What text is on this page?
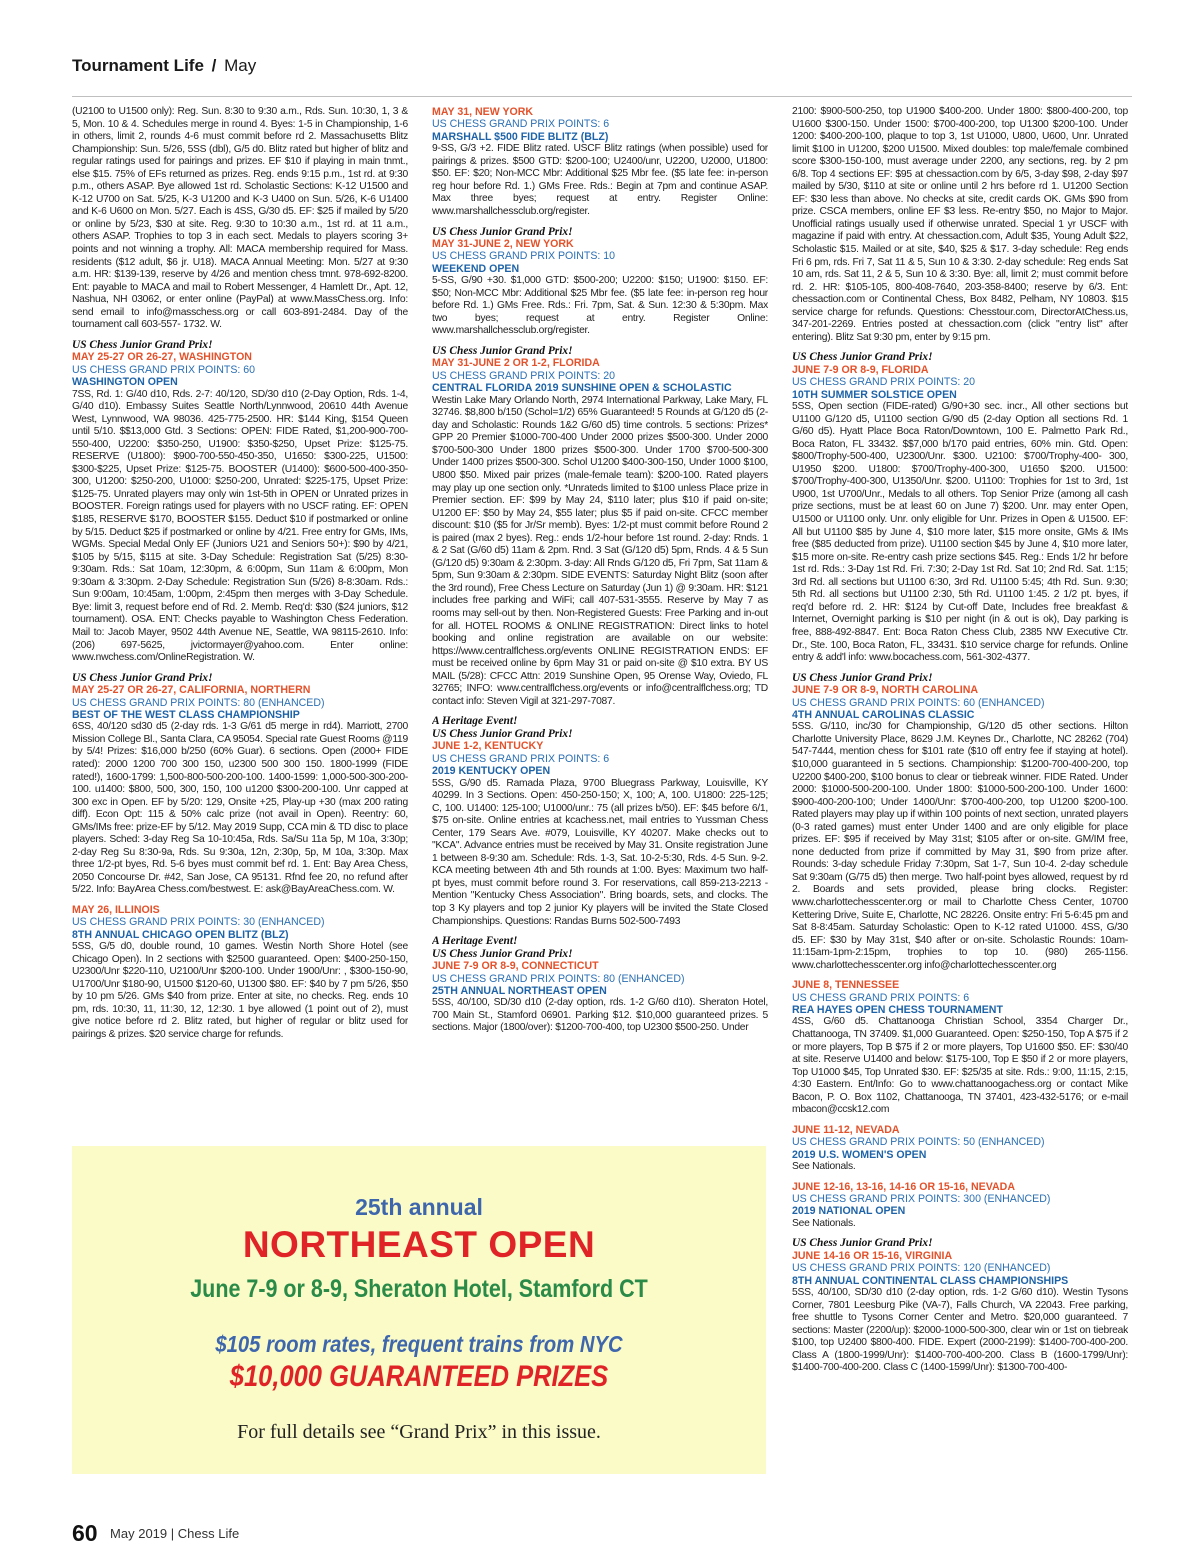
Tournament Life / May
(U2100 to U1500 only): Reg. Sun. 8:30 to 9:30 a.m., Rds. Sun. 10:30, 1, 3 & 5, Mon. 10 & 4. Schedules merge in round 4. Byes: 1-5 in Championship, 1-6 in others, limit 2, rounds 4-6 must commit before rd 2. Massachusetts Blitz Championship: Sun. 5/26, 5SS (dbl), G/5 d0. Blitz rated but higher of blitz and regular ratings used for pairings and prizes. EF $10 if playing in main tnmt., else $15. 75% of EFs returned as prizes. Reg. ends 9:15 p.m., 1st rd. at 9:30 p.m., others ASAP. Bye allowed 1st rd. Scholastic Sections: K-12 U1500 and K-12 U700 on Sat. 5/25, K-3 U1200 and K-3 U400 on Sun. 5/26, K-6 U1400 and K-6 U600 on Mon. 5/27. Each is 4SS, G/30 d5. EF: $25 if mailed by 5/20 or online by 5/23, $30 at site. Reg. 9:30 to 10:30 a.m., 1st rd. at 11 a.m., others ASAP. Trophies to top 3 in each sect. Medals to players scoring 3+ points and not winning a trophy. All: MACA membership required for Mass. residents ($12 adult, $6 jr. U18). MACA Annual Meeting: Mon. 5/27 at 9:30 a.m. HR: $139-139, reserve by 4/26 and mention chess tmnt. 978-692-8200. Ent: payable to MACA and mail to Robert Messenger, 4 Hamlett Dr., Apt. 12, Nashua, NH 03062, or enter online (PayPal) at www.MassChess.org. Info: send email to info@masschess.org or call 603-891-2484. Day of the tournament call 603-557- 1732. W.
US Chess Junior Grand Prix!
MAY 25-27 OR 26-27, WASHINGTON
US CHESS GRAND PRIX POINTS: 60
WASHINGTON OPEN
7SS, Rd. 1: G/40 d10, Rds. 2-7: 40/120, SD/30 d10 (2-Day Option, Rds. 1-4, G/40 d10). Embassy Suites Seattle North/Lynnwood, 20610 44th Avenue West, Lynnwood, WA 98036. 425-775-2500. HR: $144 King, $154 Queen until 5/10. $$13,000 Gtd. 3 Sections: OPEN: FIDE Rated, $1,200-900-700-550-400, U2200: $350-250, U1900: $350-$250, Upset Prize: $125-75. RESERVE (U1800): $900-700-550-450-350, U1650: $300-225, U1500: $300-$225, Upset Prize: $125-75. BOOSTER (U1400): $600-500-400-350-300, U1200: $250-200, U1000: $250-200, Unrated: $225-175, Upset Prize: $125-75. Unrated players may only win 1st-5th in OPEN or Unrated prizes in BOOSTER. Foreign ratings used for players with no USCF rating. EF: OPEN $185, RESERVE $170, BOOSTER $155. Deduct $10 if postmarked or online by 5/15. Deduct $25 if postmarked or online by 4/21. Free entry for GMs, IMs, WGMs. Special Medal Only EF (Juniors U21 and Seniors 50+): $90 by 4/21, $105 by 5/15, $115 at site. 3-Day Schedule: Registration Sat (5/25) 8:30-9:30am. Rds.: Sat 10am, 12:30pm, & 6:00pm, Sun 11am & 6:00pm, Mon 9:30am & 3:30pm. 2-Day Schedule: Registration Sun (5/26) 8-8:30am. Rds.: Sun 9:00am, 10:45am, 1:00pm, 2:45pm then merges with 3-Day Schedule. Bye: limit 3, request before end of Rd. 2. Memb. Req'd: $30 ($24 juniors, $12 tournament). OSA. ENT: Checks payable to Washington Chess Federation. Mail to: Jacob Mayer, 9502 44th Avenue NE, Seattle, WA 98115-2610. Info: (206) 697-5625, jvictormayer@yahoo.com. Enter online: www.nwchess.com/OnlineRegistration. W.
US Chess Junior Grand Prix!
MAY 25-27 OR 26-27, CALIFORNIA, NORTHERN
US CHESS GRAND PRIX POINTS: 80 (ENHANCED)
BEST OF THE WEST CLASS CHAMPIONSHIP
6SS, 40/120 sd30 d5 (2-day rds. 1-3 G/61 d5 merge in rd4). Marriott, 2700 Mission College Bl., Santa Clara, CA 95054. Special rate Guest Rooms @119 by 5/4! Prizes: $16,000 b/250 (60% Guar). 6 sections. Open (2000+ FIDE rated): 2000 1200 700 300 150, u2300 500 300 150. 1800-1999 (FIDE rated!), 1600-1799: 1,500-800-500-200-100. 1400-1599: 1,000-500-300-200-100. u1400: $800, 500, 300, 150, 100 u1200 $300-200-100. Unr capped at 300 exc in Open. EF by 5/20: 129, Onsite +25, Play-up +30 (max 200 rating diff). Econ Opt: 115 & 50% calc prize (not avail in Open). Reentry: 60, GMs/IMs free: prize-EF by 5/12. May 2019 Supp, CCA min & TD disc to place players. Sched: 3-day Reg Sa 10-10:45a, Rds. Sa/Su 11a 5p, M 10a, 3:30p; 2-day Reg Su 8:30-9a, Rds. Su 9:30a, 12n, 2:30p, 5p, M 10a, 3:30p. Max three 1/2-pt byes, Rd. 5-6 byes must commit bef rd. 1. Ent: Bay Area Chess, 2050 Concourse Dr. #42, San Jose, CA 95131. Rfnd fee 20, no refund after 5/22. Info: BayArea Chess.com/bestwest. E: ask@BayAreaChess.com. W.
MAY 26, ILLINOIS
US CHESS GRAND PRIX POINTS: 30 (ENHANCED)
8TH ANNUAL CHICAGO OPEN BLITZ (BLZ)
5SS, G/5 d0, double round, 10 games. Westin North Shore Hotel (see Chicago Open). In 2 sections with $2500 guaranteed. Open: $400-250-150, U2300/Unr $220-110, U2100/Unr $200-100. Under 1900/Unr: , $300-150-90, U1700/Unr $180-90, U1500 $120-60, U1300 $80. EF: $40 by 7 pm 5/26, $50 by 10 pm 5/26. GMs $40 from prize. Enter at site, no checks. Reg. ends 10 pm, rds. 10:30, 11, 11:30, 12, 12:30. 1 bye allowed (1 point out of 2), must give notice before rd 2. Blitz rated, but higher of regular or blitz used for pairings & prizes. $20 service charge for refunds.
MAY 31, NEW YORK
US CHESS GRAND PRIX POINTS: 6
MARSHALL $500 FIDE BLITZ (BLZ)
9-SS, G/3 +2. FIDE Blitz rated. USCF Blitz ratings (when possible) used for pairings & prizes. $500 GTD: $200-100; U2400/unr, U2200, U2000, U1800: $50. EF: $20; Non-MCC Mbr: Additional $25 Mbr fee. ($5 late fee: in-person reg hour before Rd. 1.) GMs Free. Rds.: Begin at 7pm and continue ASAP. Max three byes; request at entry. Register Online: www.marshallchessclub.org/register.
US Chess Junior Grand Prix!
MAY 31-JUNE 2, NEW YORK
US CHESS GRAND PRIX POINTS: 10
WEEKEND OPEN
5-SS, G/90 +30. $1,000 GTD: $500-200; U2200: $150; U1900: $150. EF: $50; Non-MCC Mbr: Additional $25 Mbr fee. ($5 late fee: in-person reg hour before Rd. 1.) GMs Free. Rds.: Fri. 7pm, Sat. & Sun. 12:30 & 5:30pm. Max two byes; request at entry. Register Online: www.marshallchessclub.org/register.
US Chess Junior Grand Prix!
MAY 31-JUNE 2 OR 1-2, FLORIDA
US CHESS GRAND PRIX POINTS: 20
CENTRAL FLORIDA 2019 SUNSHINE OPEN & SCHOLASTIC
Westin Lake Mary Orlando North, 2974 International Parkway, Lake Mary, FL 32746. $8,800 b/150 (Schol=1/2) 65% Guaranteed! 5 Rounds at G/120 d5 (2-day and Scholastic: Rounds 1&2 G/60 d5) time controls. 5 sections: Prizes* GPP 20 Premier $1000-700-400 Under 2000 prizes $500-300. Under 2000 $700-500-300 Under 1800 prizes $500-300. Under 1700 $700-500-300 Under 1400 prizes $500-300. Schol U1200 $400-300-150, Under 1000 $100, U800 $50. Mixed pair prizes (male-female team): $200-100. Rated players may play up one section only. *Unrateds limited to $100 unless Place prize in Premier section. EF: $99 by May 24, $110 later; plus $10 if paid on-site; U1200 EF: $50 by May 24, $55 later; plus $5 if paid on-site. CFCC member discount: $10 ($5 for Jr/Sr memb). Byes: 1/2-pt must commit before Round 2 is paired (max 2 byes). Reg.: ends 1/2-hour before 1st round. 2-day: Rnds. 1 & 2 Sat (G/60 d5) 11am & 2pm. Rnd. 3 Sat (G/120 d5) 5pm, Rnds. 4 & 5 Sun (G/120 d5) 9:30am & 2:30pm. 3-day: All Rnds G/120 d5, Fri 7pm, Sat 11am & 5pm, Sun 9:30am & 2:30pm. SIDE EVENTS: Saturday Night Blitz (soon after the 3rd round), Free Chess Lecture on Saturday (Jun 1) @ 9:30am. HR: $121 includes free parking and WiFi; call 407-531-3555. Reserve by May 7 as rooms may sell-out by then. Non-Registered Guests: Free Parking and in-out for all. HOTEL ROOMS & ONLINE REGISTRATION: Direct links to hotel booking and online registration are available on our website: https://www.centralflchess.org/events ONLINE REGISTRATION ENDS: EF must be received online by 6pm May 31 or paid on-site @ $10 extra. BY US MAIL (5/28): CFCC Attn: 2019 Sunshine Open, 95 Orense Way, Oviedo, FL 32765; INFO: www.centralflchess.org/events or info@centralflchess.org; TD contact info: Steven Vigil at 321-297-7087.
A Heritage Event!
US Chess Junior Grand Prix!
JUNE 1-2, KENTUCKY
US CHESS GRAND PRIX POINTS: 6
2019 KENTUCKY OPEN
5SS, G/90 d5. Ramada Plaza, 9700 Bluegrass Parkway, Louisville, KY 40299. In 3 Sections. Open: 450-250-150; X, 100; A, 100. U1800: 225-125; C, 100. U1400: 125-100; U1000/unr.: 75 (all prizes b/50). EF: $45 before 6/1, $75 on-site. Online entries at kcachess.net, mail entries to Yussman Chess Center, 179 Sears Ave. #079, Louisville, KY 40207. Make checks out to "KCA". Advance entries must be received by May 31. Onsite registration June 1 between 8-9:30 am. Schedule: Rds. 1-3, Sat. 10-2-5:30, Rds. 4-5 Sun. 9-2. KCA meeting between 4th and 5th rounds at 1:00. Byes: Maximum two half-pt byes, must commit before round 3. For reservations, call 859-213-2213 - Mention "Kentucky Chess Association". Bring boards, sets, and clocks. The top 3 Ky players and top 2 junior Ky players will be invited the State Closed Championships. Questions: Randas Burns 502-500-7493
A Heritage Event!
US Chess Junior Grand Prix!
JUNE 7-9 OR 8-9, CONNECTICUT
US CHESS GRAND PRIX POINTS: 80 (ENHANCED)
25TH ANNUAL NORTHEAST OPEN
5SS, 40/100, SD/30 d10 (2-day option, rds. 1-2 G/60 d10). Sheraton Hotel, 700 Main St., Stamford 06901. Parking $12. $10,000 guaranteed prizes. 5 sections. Major (1800/over): $1200-700-400, top U2300 $500-250. Under
2100: $900-500-250, top U1900 $400-200. Under 1800: $800-400-200, top U1600 $300-150. Under 1500: $700-400-200, top U1300 $200-100. Under 1200: $400-200-100, plaque to top 3, 1st U1000, U800, U600, Unr. Unrated limit $100 in U1200, $200 U1500. Mixed doubles: top male/female combined score $300-150-100, must average under 2200, any sections, reg. by 2 pm 6/8. Top 4 sections EF: $95 at chessaction.com by 6/5, 3-day $98, 2-day $97 mailed by 5/30, $110 at site or online until 2 hrs before rd 1. U1200 Section EF: $30 less than above. No checks at site, credit cards OK. GMs $90 from prize. CSCA members, online EF $3 less. Re-entry $50, no Major to Major. Unofficial ratings usually used if otherwise unrated. Special 1 yr USCF with magazine if paid with entry. At chessaction.com, Adult $35, Young Adult $22, Scholastic $15. Mailed or at site, $40, $25 & $17. 3-day schedule: Reg ends Fri 6 pm, rds. Fri 7, Sat 11 & 5, Sun 10 & 3:30. 2-day schedule: Reg ends Sat 10 am, rds. Sat 11, 2 & 5, Sun 10 & 3:30. Bye: all, limit 2; must commit before rd. 2. HR: $105-105, 800-408-7640, 203-358-8400; reserve by 6/3. Ent: chessaction.com or Continental Chess, Box 8482, Pelham, NY 10803. $15 service charge for refunds. Questions: Chesstour.com, DirectorAtChess.us, 347-201-2269. Entries posted at chessaction.com (click "entry list" after entering). Blitz Sat 9:30 pm, enter by 9:15 pm.
US Chess Junior Grand Prix!
JUNE 7-9 OR 8-9, FLORIDA
US CHESS GRAND PRIX POINTS: 20
10TH SUMMER SOLSTICE OPEN
5SS, Open section (FIDE-rated) G/90+30 sec. incr., All other sections but U1100 G/120 d5, U1100 section G/90 d5 (2-day Option all sections Rd. 1 G/60 d5). Hyatt Place Boca Raton/Downtown, 100 E. Palmetto Park Rd., Boca Raton, FL 33432. $$7,000 b/170 paid entries, 60% min. Gtd. Open: $800/Trophy-500-400, U2300/Unr. $300. U2100: $700/Trophy-400- 300, U1950 $200. U1800: $700/Trophy-400-300, U1650 $200. U1500: $700/Trophy-400-300, U1350/Unr. $200. U1100: Trophies for 1st to 3rd, 1st U900, 1st U700/Unr., Medals to all others. Top Senior Prize (among all cash prize sections, must be at least 60 on June 7) $200. Unr. may enter Open, U1500 or U1100 only. Unr. only eligible for Unr. Prizes in Open & U1500. EF: All but U1100 $85 by June 4, $10 more later, $15 more onsite, GMs & IMs free ($85 deducted from prize). U1100 section $45 by June 4, $10 more later, $15 more on-site. Re-entry cash prize sections $45. Reg.: Ends 1/2 hr before 1st rd. Rds.: 3-Day 1st Rd. Fri. 7:30; 2-Day 1st Rd. Sat 10; 2nd Rd. Sat. 1:15; 3rd Rd. all sections but U1100 6:30, 3rd Rd. U1100 5:45; 4th Rd. Sun. 9:30; 5th Rd. all sections but U1100 2:30, 5th Rd. U1100 1:45. 2 1/2 pt. byes, if req'd before rd. 2. HR: $124 by Cut-off Date, Includes free breakfast & Internet, Overnight parking is $10 per night (in & out is ok), Day parking is free, 888-492-8847. Ent: Boca Raton Chess Club, 2385 NW Executive Ctr. Dr., Ste. 100, Boca Raton, FL, 33431. $10 service charge for refunds. Online entry & add'l info: www.bocachess.com, 561-302-4377.
US Chess Junior Grand Prix!
JUNE 7-9 OR 8-9, NORTH CAROLINA
US CHESS GRAND PRIX POINTS: 60 (ENHANCED)
4TH ANNUAL CAROLINAS CLASSIC
5SS. G/110, inc/30 for Championship, G/120 d5 other sections. Hilton Charlotte University Place, 8629 J.M. Keynes Dr., Charlotte, NC 28262 (704) 547-7444, mention chess for $101 rate ($10 off entry fee if staying at hotel). $10,000 guaranteed in 5 sections. Championship: $1200-700-400-200, top U2200 $400-200, $100 bonus to clear or tiebreak winner. FIDE Rated. Under 2000: $1000-500-200-100. Under 1800: $1000-500-200-100. Under 1600: $900-400-200-100; Under 1400/Unr: $700-400-200, top U1200 $200-100. Rated players may play up if within 100 points of next section, unrated players (0-3 rated games) must enter Under 1400 and are only eligible for place prizes. EF: $95 if received by May 31st; $105 after or on-site. GM/IM free, none deducted from prize if committed by May 31, $90 from prize after. Rounds: 3-day schedule Friday 7:30pm, Sat 1-7, Sun 10-4. 2-day schedule Sat 9:30am (G/75 d5) then merge. Two half-point byes allowed, request by rd 2. Boards and sets provided, please bring clocks. Register: www.charlottechesscenter.org or mail to Charlotte Chess Center, 10700 Kettering Drive, Suite E, Charlotte, NC 28226. Onsite entry: Fri 5-6:45 pm and Sat 8-8:45am. Saturday Scholastic: Open to K-12 rated U1000. 4SS, G/30 d5. EF: $30 by May 31st, $40 after or on-site. Scholastic Rounds: 10am-11:15am-1pm-2:15pm, trophies to top 10. (980) 265-1156. www.charlottechesscenter.org info@charlottechesscenter.org
JUNE 8, TENNESSEE
US CHESS GRAND PRIX POINTS: 6
REA HAYES OPEN CHESS TOURNAMENT
4SS, G/60 d5. Chattanooga Christian School, 3354 Charger Dr., Chattanooga, TN 37409. $1,000 Guaranteed. Open: $250-150, Top A $75 if 2 or more players, Top B $75 if 2 or more players, Top U1600 $50. EF: $30/40 at site. Reserve U1400 and below: $175-100, Top E $50 if 2 or more players, Top U1000 $45, Top Unrated $30. EF: $25/35 at site. Rds.: 9:00, 11:15, 2:15, 4:30 Eastern. Ent/Info: Go to www.chattanoogachess.org or contact Mike Bacon, P. O. Box 1102, Chattanooga, TN 37401, 423-432-5176; or e-mail mbacon@ccsk12.com
JUNE 11-12, NEVADA
US CHESS GRAND PRIX POINTS: 50 (ENHANCED)
2019 U.S. WOMEN'S OPEN
See Nationals.
JUNE 12-16, 13-16, 14-16 OR 15-16, NEVADA
US CHESS GRAND PRIX POINTS: 300 (ENHANCED)
2019 NATIONAL OPEN
See Nationals.
US Chess Junior Grand Prix!
JUNE 14-16 OR 15-16, VIRGINIA
US CHESS GRAND PRIX POINTS: 120 (ENHANCED)
8TH ANNUAL CONTINENTAL CLASS CHAMPIONSHIPS
5SS, 40/100, SD/30 d10 (2-day option, rds. 1-2 G/60 d10). Westin Tysons Corner, 7801 Leesburg Pike (VA-7), Falls Church, VA 22043. Free parking, free shuttle to Tysons Corner Center and Metro. $20,000 guaranteed. 7 sections: Master (2200/up): $2000-1000-500-300, clear win or 1st on tiebreak $100, top U2400 $800-400. FIDE. Expert (2000-2199): $1400-700-400-200. Class A (1800-1999/Unr): $1400-700-400-200. Class B (1600-1799/Unr): $1400-700-400-200. Class C (1400-1599/Unr): $1300-700-400-
25th annual
NORTHEAST OPEN
June 7-9 or 8-9, Sheraton Hotel, Stamford CT
$105 room rates, frequent trains from NYC
$10,000 GUARANTEED PRIZES
For full details see “Grand Prix” in this issue.
60 May 2019 | Chess Life
